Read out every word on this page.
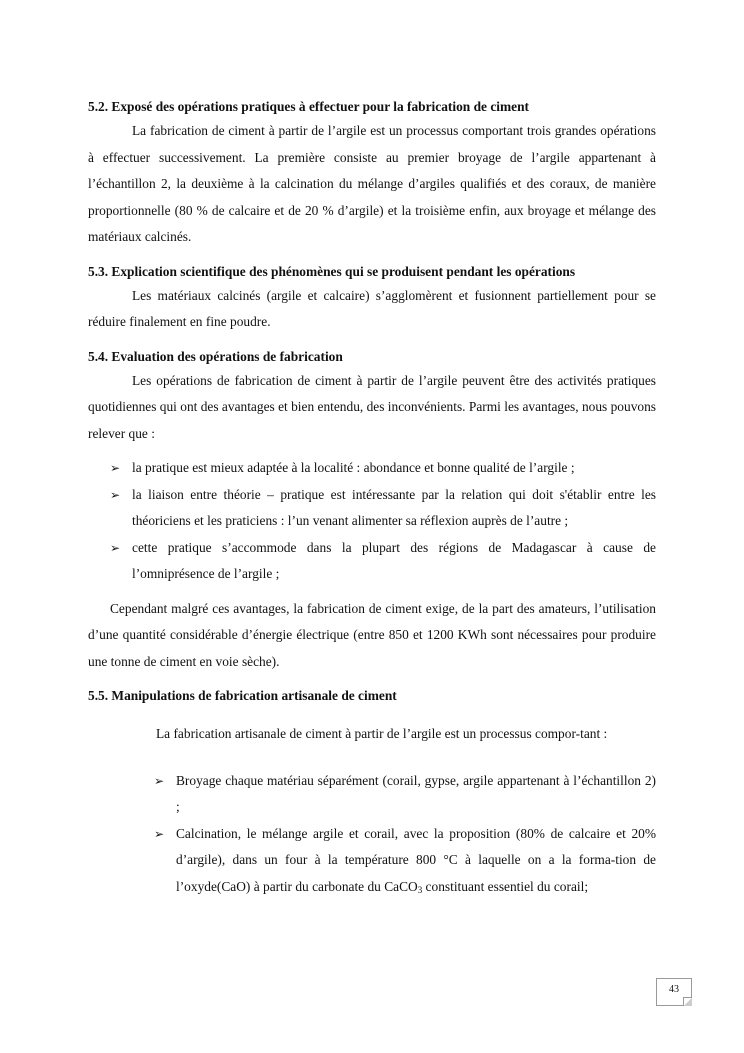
5.2. Exposé des opérations pratiques à effectuer pour la fabrication de ciment

La fabrication de ciment à partir de l’argile est un processus comportant trois grandes opérations à effectuer successivement. La première consiste au premier broyage de l’argile appartenant à l’échantillon 2, la deuxième à la calcination du mélange d’argiles qualifiés et des coraux, de manière proportionnelle (80 % de calcaire et de 20 % d’argile) et la troisième enfin, aux broyage et mélange des matériaux calcinés.

5.3. Explication scientifique des phénomènes qui se produisent pendant les opérations

Les matériaux calcinés (argile et calcaire) s’agglomèrent et fusionnent partiellement pour se réduire finalement en fine poudre.

5.4. Evaluation des opérations de fabrication

Les opérations de fabrication de ciment à partir de l’argile peuvent être des activités pratiques quotidiennes qui ont des avantages et bien entendu, des inconvénients. Parmi les avantages, nous pouvons relever que :

➢ la pratique est mieux adaptée à la localité : abondance et bonne qualité de l’argile ;
➢ la liaison entre théorie – pratique est intéressante par la relation qui doit s'établir entre les théoriciens et les praticiens : l’un venant alimenter sa réflexion auprès de l’autre ;
➢ cette pratique s’accommode dans la plupart des régions de Madagascar à cause de l’omniprésence de l’argile ;

Cependant malgré ces avantages, la fabrication de ciment exige, de la part des amateurs, l’utilisation d’une quantité considérable d’énergie électrique (entre 850 et 1200 KWh sont nécessaires pour produire une tonne de ciment en voie sèche).

5.5. Manipulations de fabrication artisanale de ciment

La fabrication artisanale de ciment à partir de l’argile est un processus compor-tant :

➢ Broyage chaque matériau séparément (corail, gypse, argile appartenant à l’échantillon 2) ;
➢ Calcination, le mélange argile et corail, avec la proposition (80% de calcaire et 20% d’argile), dans un four à la température 800 °C à laquelle on a la forma-tion de l’oxyde(CaO) à partir du carbonate du CaCO$_3$ constituant essentiel du corail;
43
